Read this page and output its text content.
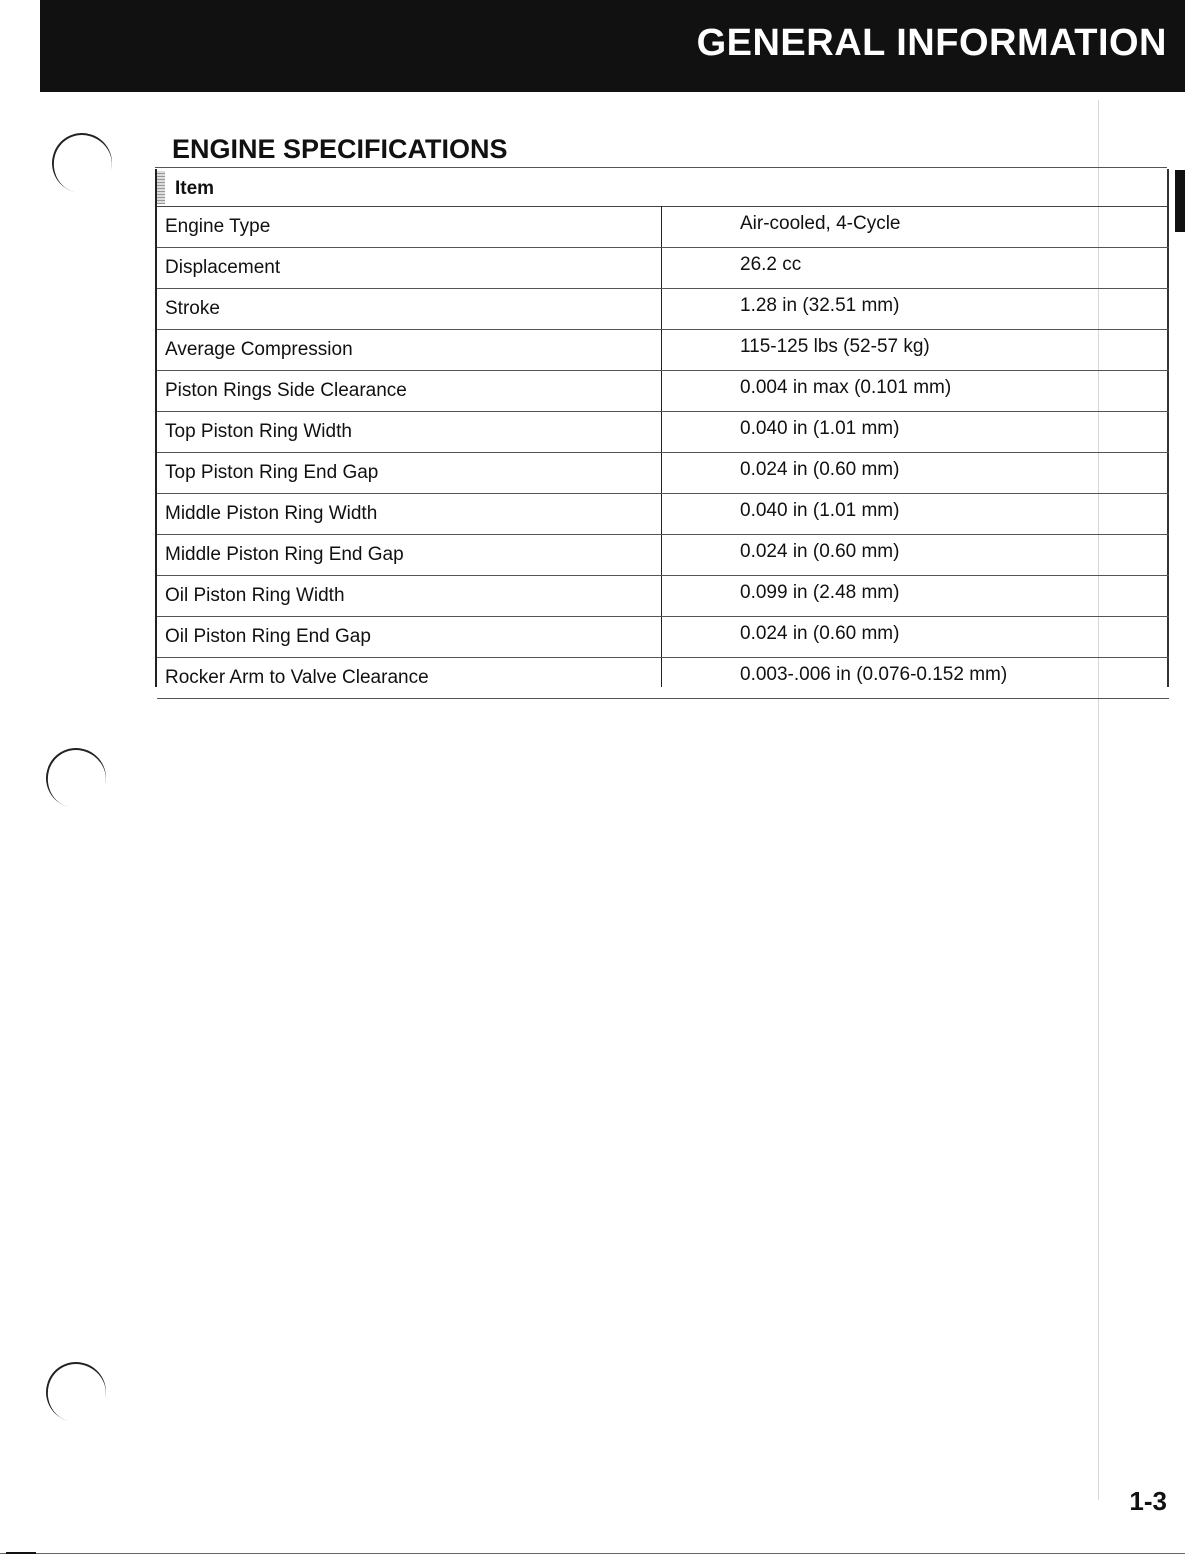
GENERAL INFORMATION
ENGINE SPECIFICATIONS
Item
Engine Type	Air-cooled, 4-Cycle
Displacement	26.2 cc
Stroke	1.28 in (32.51 mm)
Average Compression	115-125 lbs (52-57 kg)
Piston Rings Side Clearance	0.004 in max (0.101 mm)
Top Piston Ring Width	0.040 in (1.01 mm)
Top Piston Ring End Gap	0.024 in (0.60 mm)
Middle Piston Ring Width	0.040 in (1.01 mm)
Middle Piston Ring End Gap	0.024 in (0.60 mm)
Oil Piston Ring Width	0.099 in (2.48 mm)
Oil Piston Ring End Gap	0.024 in (0.60 mm)
Rocker Arm to Valve Clearance	0.003-.006 in (0.076-0.152 mm)
1-3
